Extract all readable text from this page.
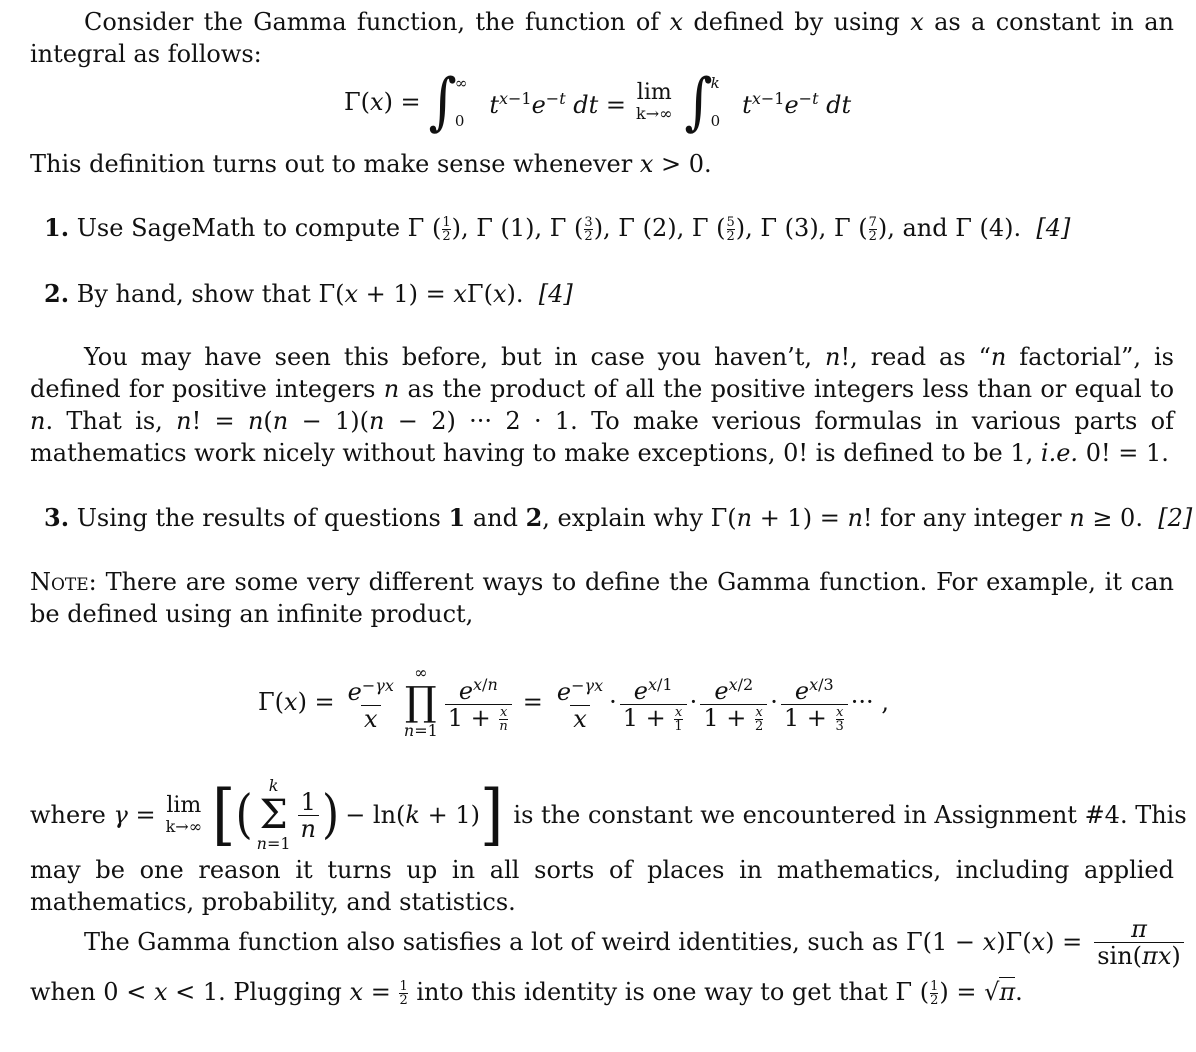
Consider the Gamma function, the function of x defined by using x as a constant in an integral as follows:
Γ(x) = ∫
∞
0
$t^{x-1}e^{-t}$ dt = lim
k→∞ ∫
k
0
$t^{x-1}e^{-t}$ dt
This definition turns out to make sense whenever x > 0.
1. Use SageMath to compute Γ ( $\frac{1}{2}$ ), Γ (1), Γ ( $\frac{3}{2}$ ), Γ (2), Γ ( $\frac{5}{2}$ ), Γ (3), Γ ( $\frac{7}{2}$ ), and Γ (4).  [4]
2. By hand, show that Γ(x + 1) = xΓ(x).  [4]
You may have seen this before, but in case you haven’t, n!, read as “n factorial”, is defined for positive integers n as the product of all the positive integers less than or equal to n. That is, n! = n(n − 1)(n − 2) ··· 2 · 1. To make verious formulas in various parts of mathematics work nicely without having to make exceptions, 0! is defined to be 1, i.e. 0! = 1.
3. Using the results of questions 1 and 2, explain why Γ(n + 1) = n! for any integer n ≥ 0.  [2]
Note: There are some very different ways to define the Gamma function. For example, it can be defined using an infinite product,
$\Gamma(x) = \frac{e^{-\gamma x}}{x}$ ∞
∏
$n=1 \frac{e^{x/n}}{1 + \frac{x}{n}} = \frac{e^{-\gamma x}}{x} \cdot \frac{e^{x/1}}{1 + \frac{x}{1}} \cdot \frac{e^{x/2}}{1 + \frac{x}{2}} \cdot \frac{e^{x/3}}{1 + \frac{x}{3}}$ ··· ,
where γ = lim
k→∞ [ ( k
Σ
n=1
$\frac{1}{n}$ ) − ln(k + 1) ] is the constant we encountered in Assignment #4. This
may be one reason it turns up in all sorts of places in mathematics, including applied mathematics, probability, and statistics.
The Gamma function also satisfies a lot of weird identities, such as $\Gamma(1 - x)\Gamma(x) = \frac{\pi}{\sin(\pi x)}$
when 0 < x < 1. Plugging $x = \frac{1}{2}$ into this identity is one way to get that Γ ( $\frac{1}{2}$ ) = √π.
